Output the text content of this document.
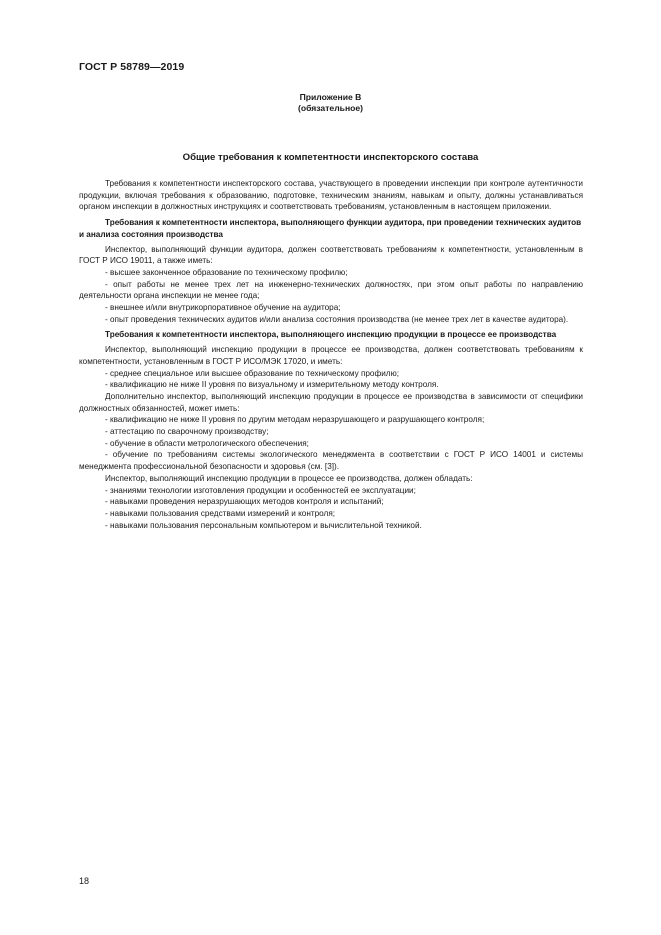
ГОСТ Р 58789—2019
Приложение В
(обязательное)
Общие требования к компетентности инспекторского состава

Требования к компетентности инспекторского состава, участвующего в проведении инспекции при контроле аутентичности продукции, включая требования к образованию, подготовке, техническим знаниям, навыкам и опыту, должны устанавливаться органом инспекции в должностных инструкциях и соответствовать требованиям, установленным в настоящем приложении.

Требования к компетентности инспектора, выполняющего функции аудитора, при проведении технических аудитов и анализа состояния производства

Инспектор, выполняющий функции аудитора, должен соответствовать требованиям к компетентности, установленным в ГОСТ Р ИСО 19011, а также иметь:

- высшее законченное образование по техническому профилю;

- опыт работы не менее трех лет на инженерно-технических должностях, при этом опыт работы по направлению деятельности органа инспекции не менее года;

- внешнее и/или внутрикорпоративное обучение на аудитора;

- опыт проведения технических аудитов и/или анализа состояния производства (не менее трех лет в качестве аудитора).

Требования к компетентности инспектора, выполняющего инспекцию продукции в процессе ее производства

Инспектор, выполняющий инспекцию продукции в процессе ее производства, должен соответствовать требованиям к компетентности, установленным в ГОСТ Р ИСО/МЭК 17020, и иметь:

- среднее специальное или высшее образование по техническому профилю;

- квалификацию не ниже II уровня по визуальному и измерительному методу контроля.

Дополнительно инспектор, выполняющий инспекцию продукции в процессе ее производства в зависимости от специфики должностных обязанностей, может иметь:

- квалификацию не ниже II уровня по другим методам неразрушающего и разрушающего контроля;

- аттестацию по сварочному производству;

- обучение в области метрологического обеспечения;

- обучение по требованиям системы экологического менеджмента в соответствии с ГОСТ Р ИСО 14001 и системы менеджмента профессиональной безопасности и здоровья (см. [3]).

Инспектор, выполняющий инспекцию продукции в процессе ее производства, должен обладать:

- знаниями технологии изготовления продукции и особенностей ее эксплуатации;

- навыками проведения неразрушающих методов контроля и испытаний;

- навыками пользования средствами измерений и контроля;

- навыками пользования персональным компьютером и вычислительной техникой.

18
